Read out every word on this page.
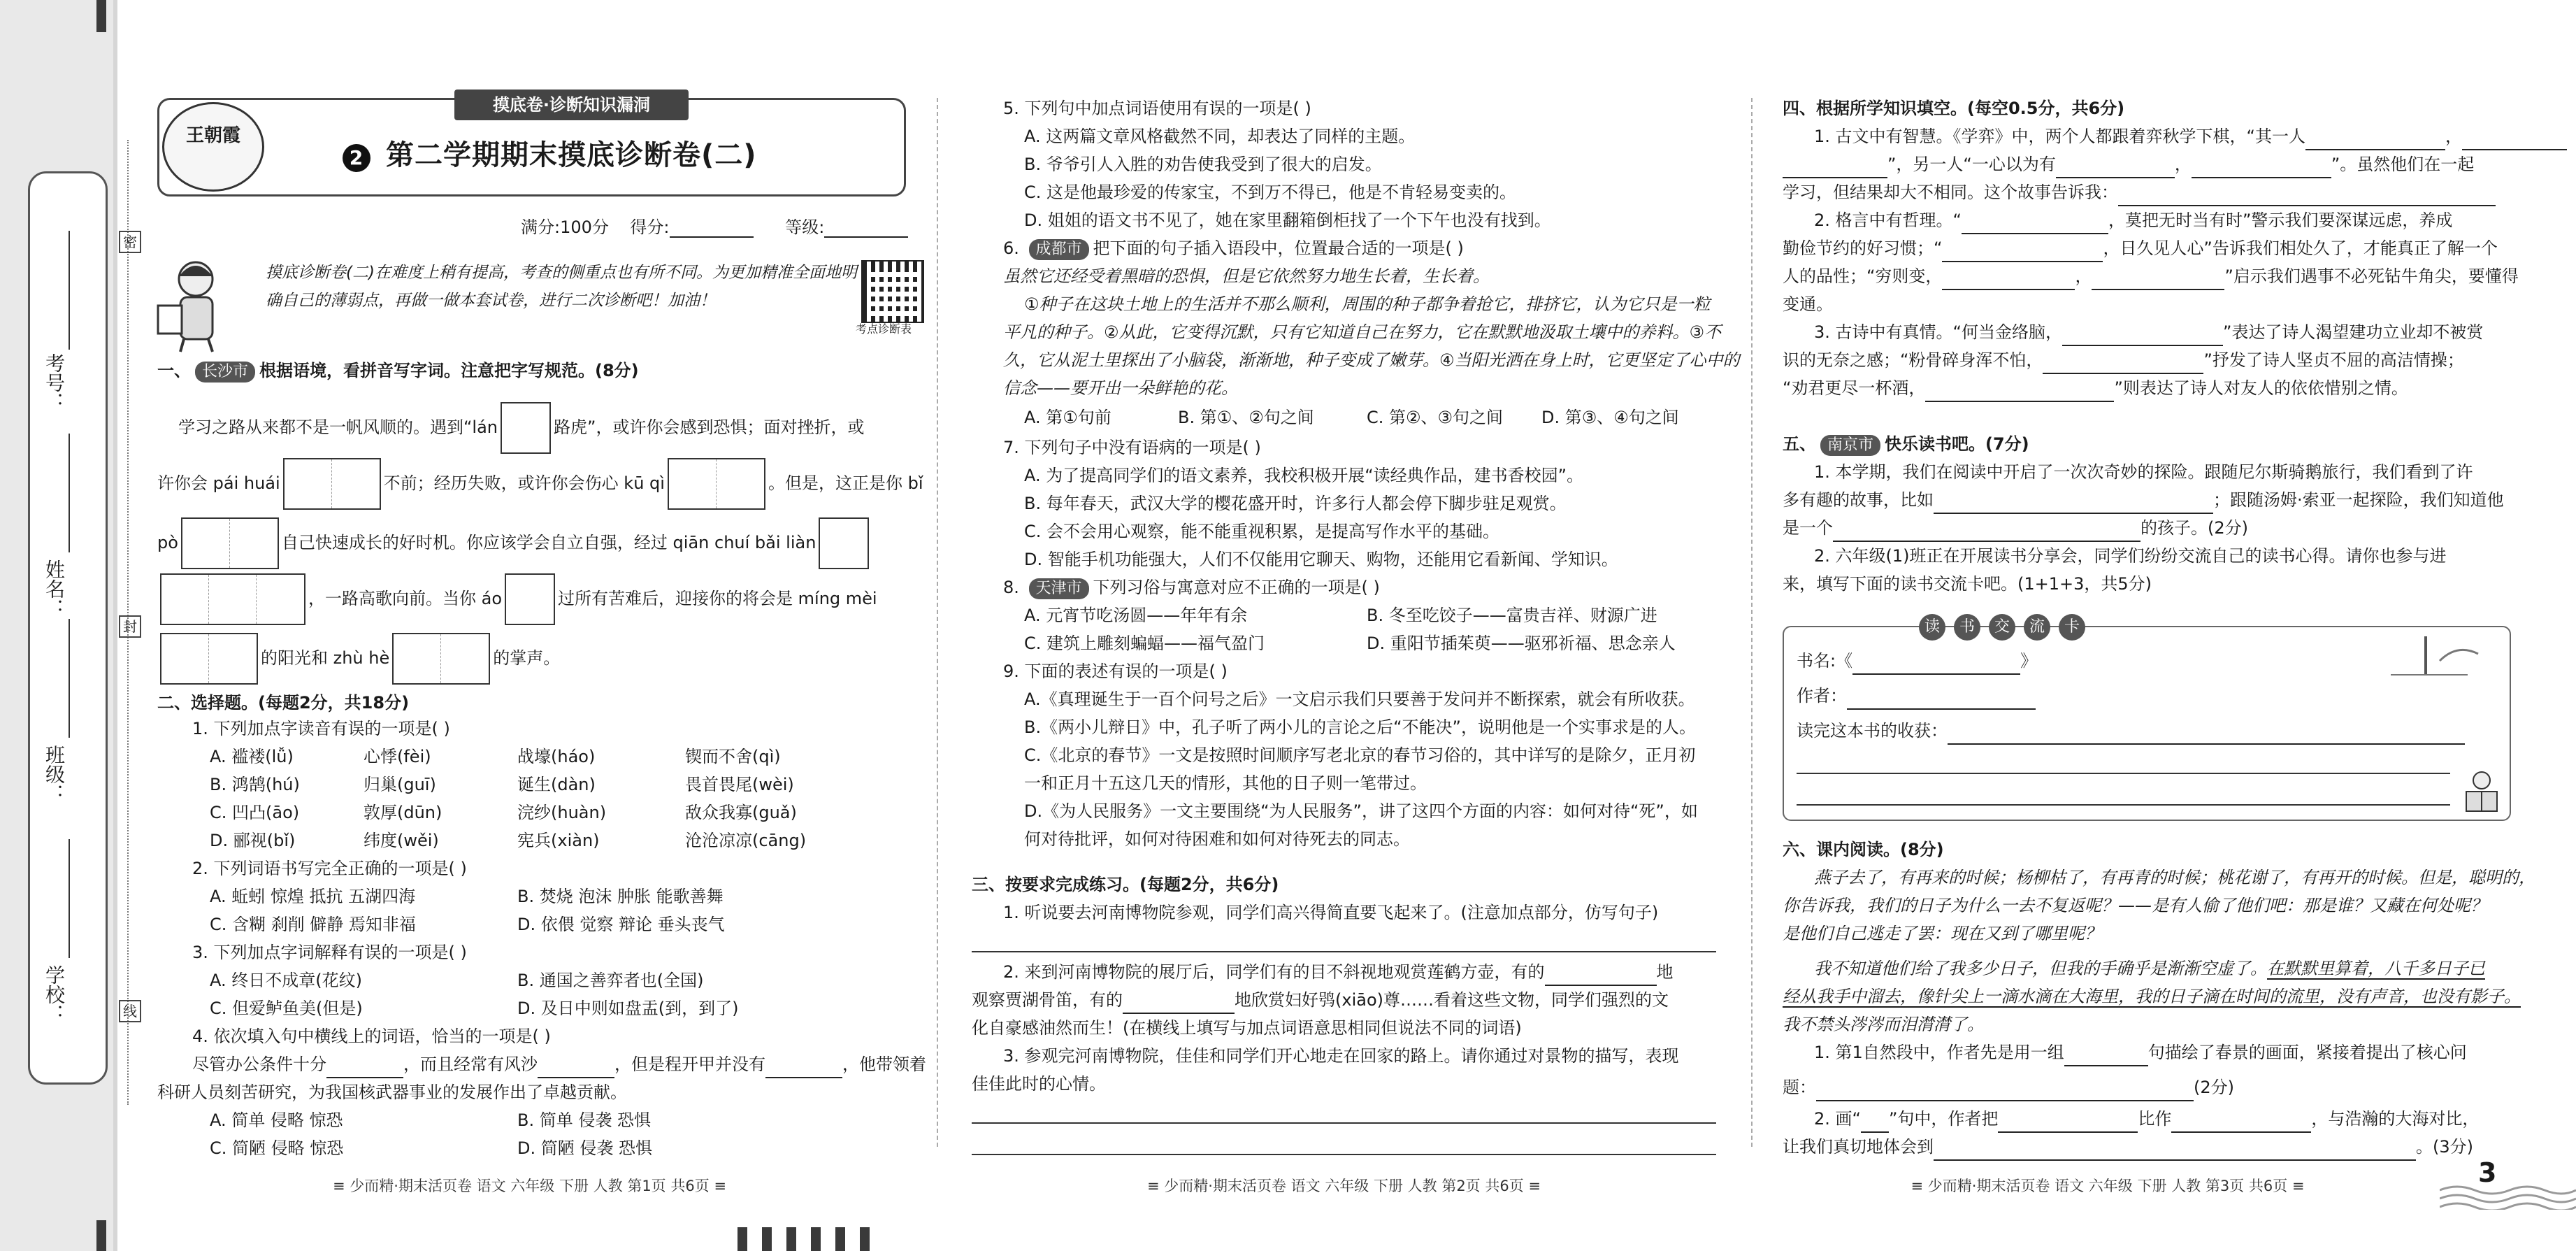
考号：
姓名：
班级：
学校：
密
封
线
王朝霞
摸底卷·诊断知识漏洞
2 第二学期期末摸底诊断卷(二)
满分:100分 得分:	等级:
摸底诊断卷(二)在难度上稍有提高，考查的侧重点也有所不同。为更加精准全面地明确自己的薄弱点，再做一做本套试卷，进行二次诊断吧！加油！
考点诊断表
一、 长沙市 根据语境，看拼音写字词。注意把字写规范。(8分)
学习之路从来都不是一帆风顺的。遇到“lán	路虎”，或许你会感到恐惧；面对挫折，或
许你会 pái huái	不前；经历失败，或许你会伤心 kū qì	。但是，这正是你 bǐ
pò	自己快速成长的好时机。你应该学会自立自强，经过 qiān chuí bǎi liàn
，一路高歌向前。当你 áo	过所有苦难后，迎接你的将会是 míng mèi
的阳光和 zhù hè	的掌声。
二、选择题。(每题2分，共18分)
1. 下列加点字读音有误的一项是( )
A. 褴褛(lǚ)	心悸(fèi)	战壕(háo)	锲而不舍(qì)
B. 鸿鹄(hú)	归巢(guī)	诞生(dàn)	畏首畏尾(wèi)
C. 凹凸(āo)	敦厚(dūn)	浣纱(huàn)	敌众我寡(guǎ)
D. 郦视(bǐ)	纬度(wěi)	宪兵(xiàn)	沧沧凉凉(cāng)
2. 下列词语书写完全正确的一项是( )
A. 蚯蚓 惊煌 抵抗 五湖四海	B. 焚烧 泡沫 肿胀 能歌善舞
C. 含糊 刹削 僻静 焉知非福	D. 依偎 觉察 辩论 垂头丧气
3. 下列加点字词解释有误的一项是( )
A. 终日不成章(花纹)	B. 通国之善弈者也(全国)
C. 但爱鲈鱼美(但是)	D. 及日中则如盘盂(到，到了)
4. 依次填入句中横线上的词语，恰当的一项是( )
尽管办公条件十分	，而且经常有风沙	，但是程开甲并没有	，他带领着
科研人员刻苦研究，为我国核武器事业的发展作出了卓越贡献。
A. 简单 侵略 惊恐	B. 简单 侵袭 恐惧
C. 简陋 侵略 惊恐	D. 简陋 侵袭 恐惧
≡ 少而精·期末活页卷 语文 六年级 下册 人教 第1页 共6页 ≡
5. 下列句中加点词语使用有误的一项是( )
A. 这两篇文章风格截然不同，却表达了同样的主题。
B. 爷爷引人入胜的劝告使我受到了很大的启发。
C. 这是他最珍爱的传家宝，不到万不得已，他是不肯轻易变卖的。
D. 姐姐的语文书不见了，她在家里翻箱倒柜找了一个下午也没有找到。
6. 成都市 把下面的句子插入语段中，位置最合适的一项是( )
虽然它还经受着黑暗的恐惧，但是它依然努力地生长着，生长着。
①种子在这块土地上的生活并不那么顺利，周围的种子都争着抢它，排挤它，认为它只是一粒
平凡的种子。②从此，它变得沉默，只有它知道自己在努力，它在默默地汲取土壤中的养料。③不
久，它从泥土里探出了小脑袋，渐渐地，种子变成了嫩芽。④当阳光洒在身上时，它更坚定了心中的
信念——要开出一朵鲜艳的花。
A. 第①句前	B. 第①、②句之间	C. 第②、③句之间 D. 第③、④句之间
7. 下列句子中没有语病的一项是( )
A. 为了提高同学们的语文素养，我校积极开展“读经典作品，建书香校园”。
B. 每年春天，武汉大学的樱花盛开时，许多行人都会停下脚步驻足观赏。
C. 会不会用心观察，能不能重视积累，是提高写作水平的基础。
D. 智能手机功能强大，人们不仅能用它聊天、购物，还能用它看新闻、学知识。
8. 天津市 下列习俗与寓意对应不正确的一项是( )
A. 元宵节吃汤圆——年年有余	B. 冬至吃饺子——富贵吉祥、财源广进
C. 建筑上雕刻蝙蝠——福气盈门	D. 重阳节插茱萸——驱邪祈福、思念亲人
9. 下面的表述有误的一项是( )
A.《真理诞生于一百个问号之后》一文启示我们只要善于发问并不断探索，就会有所收获。
B.《两小儿辩日》中，孔子听了两小儿的言论之后“不能决”，说明他是一个实事求是的人。
C.《北京的春节》一文是按照时间顺序写老北京的春节习俗的，其中详写的是除夕，正月初
一和正月十五这几天的情形，其他的日子则一笔带过。
D.《为人民服务》一文主要围绕“为人民服务”，讲了这四个方面的内容：如何对待“死”，如
何对待批评，如何对待困难和如何对待死去的同志。
三、按要求完成练习。(每题2分，共6分)
1. 听说要去河南博物院参观，同学们高兴得简直要飞起来了。(注意加点部分，仿写句子)
2. 来到河南博物院的展厅后，同学们有的目不斜视地观赏莲鹤方壶，有的	地
观察贾湖骨笛，有的	地欣赏妇好鸮(xiāo)尊……看着这些文物，同学们强烈的文
化自豪感油然而生！(在横线上填写与加点词语意思相同但说法不同的词语)
3. 参观完河南博物院，佳佳和同学们开心地走在回家的路上。请你通过对景物的描写，表现
佳佳此时的心情。
≡ 少而精·期末活页卷 语文 六年级 下册 人教 第2页 共6页 ≡
四、根据所学知识填空。(每空0.5分，共6分)
1. 古文中有智慧。《学弈》中，两个人都跟着弈秋学下棋，“其一人	，
”，另一人“一心以为有	，	”。虽然他们在一起
学习，但结果却大不相同。这个故事告诉我：
2. 格言中有哲理。“	，莫把无时当有时”警示我们要深谋远虑，养成
勤俭节约的好习惯；“	，日久见人心”告诉我们相处久了，才能真正了解一个
人的品性；“穷则变，	，	”启示我们遇事不必死钻牛角尖，要懂得
变通。
3. 古诗中有真情。“何当金络脑，	”表达了诗人渴望建功立业却不被赏
识的无奈之感；“粉骨碎身浑不怕，	”抒发了诗人坚贞不屈的高洁情操；
“劝君更尽一杯酒，	”则表达了诗人对友人的依依惜别之情。
五、 南京市 快乐读书吧。(7分)
1. 本学期，我们在阅读中开启了一次次奇妙的探险。跟随尼尔斯骑鹅旅行，我们看到了许
多有趣的故事，比如	；跟随汤姆·索亚一起探险，我们知道他
是一个	的孩子。(2分)
2. 六年级(1)班正在开展读书分享会，同学们纷纷交流自己的读书心得。请你也参与进
来，填写下面的读书交流卡吧。(1+1+3，共5分)
读 书 交 流 卡
书名:《	》
作者：
读完这本书的收获：
六、课内阅读。(8分)
燕子去了，有再来的时候；杨柳枯了，有再青的时候；桃花谢了，有再开的时候。但是，聪明的，
你告诉我，我们的日子为什么一去不复返呢？——是有人偷了他们吧：那是谁？又藏在何处呢？
是他们自己逃走了罢：现在又到了哪里呢？
我不知道他们给了我多少日子，但我的手确乎是渐渐空虚了。在默默里算着，八千多日子已
经从我手中溜去，像针尖上一滴水滴在大海里，我的日子滴在时间的流里，没有声音，也没有影子。
我不禁头涔涔而泪潸潸了。
1. 第1自然段中，作者先是用一组	句描绘了春景的画面，紧接着提出了核心问
题：	(2分)
2. 画“ ”句中，作者把	比作	，与浩瀚的大海对比，
让我们真切地体会到	。(3分)
≡ 少而精·期末活页卷 语文 六年级 下册 人教 第3页 共6页 ≡	3
